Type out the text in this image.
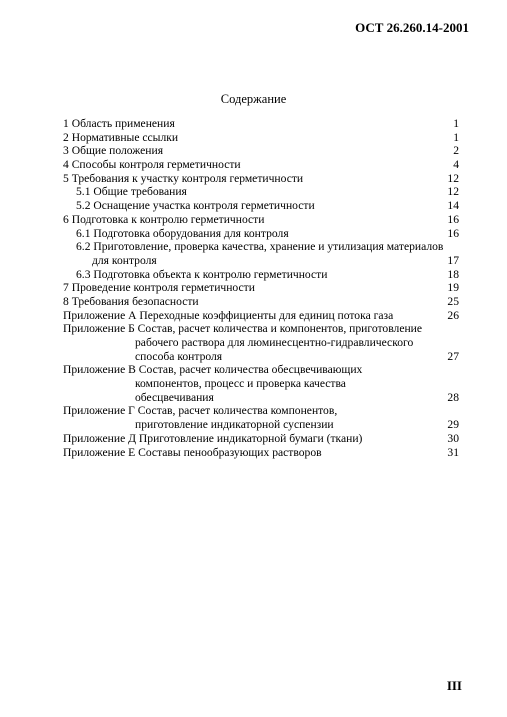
ОСТ 26.260.14-2001
Содержание
1 Область применения	1
2 Нормативные ссылки	1
3 Общие положения	2
4 Способы контроля герметичности	4
5 Требования к участку контроля герметичности	12
5.1 Общие требования	12
5.2 Оснащение участка контроля герметичности	14
6 Подготовка к контролю герметичности	16
6.1 Подготовка оборудования для контроля	16
6.2 Приготовление, проверка качества, хранение и утилизация материалов
для контроля	17
6.3 Подготовка объекта к контролю герметичности	18
7 Проведение контроля герметичности	19
8 Требования безопасности	25
Приложение А Переходные коэффициенты для единиц потока газа	26
Приложение Б Состав, расчет количества и компонентов, приготовление
рабочего раствора для люминесцентно-гидравлического
способа контроля	27
Приложение В Состав, расчет количества обесцвечивающих
компонентов, процесс и проверка качества
обесцвечивания	28
Приложение Г Состав, расчет количества компонентов,
приготовление индикаторной суспензии	29
Приложение Д Приготовление индикаторной бумаги (ткани)	30
Приложение Е Составы пенообразующих растворов	31
III
